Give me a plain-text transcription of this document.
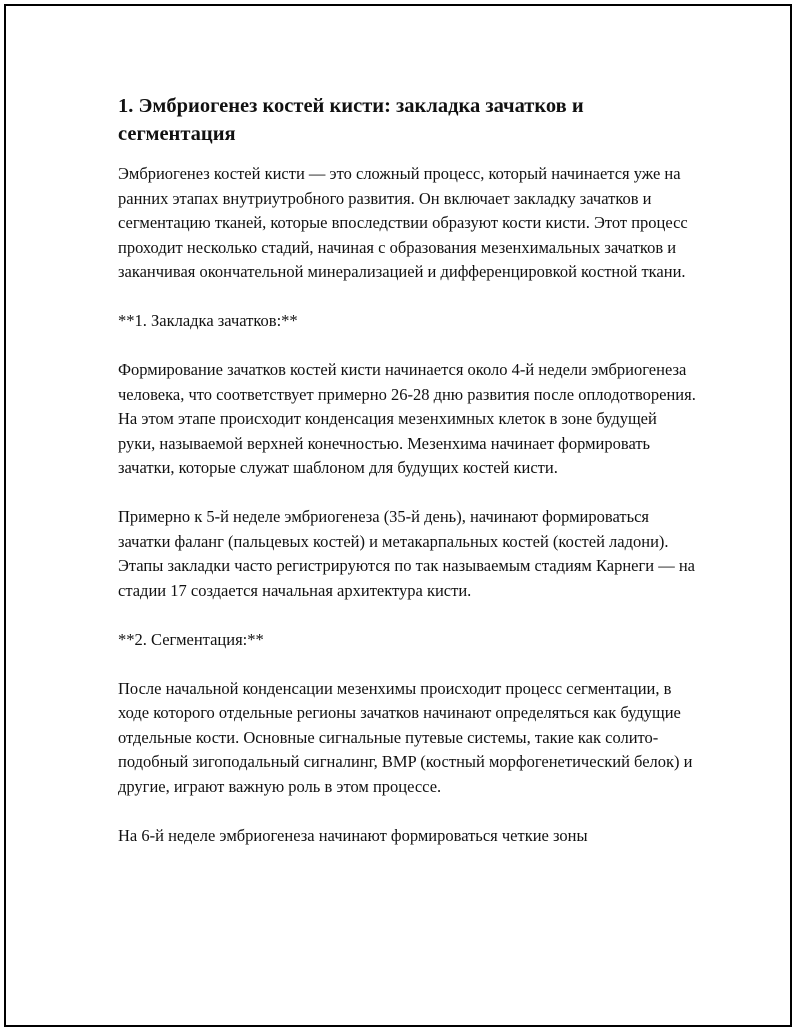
1. Эмбриогенез костей кисти: закладка зачатков и сегментация

Эмбриогенез костей кисти — это сложный процесс, который начинается уже на ранних этапах внутриутробного развития. Он включает закладку зачатков и сегментацию тканей, которые впоследствии образуют кости кисти. Этот процесс проходит несколько стадий, начиная с образования мезенхимальных зачатков и заканчивая окончательной минерализацией и дифференцировкой костной ткани.

**1. Закладка зачатков:**

Формирование зачатков костей кисти начинается около 4-й недели эмбриогенеза человека, что соответствует примерно 26-28 дню развития после оплодотворения. На этом этапе происходит конденсация мезенхимных клеток в зоне будущей руки, называемой верхней конечностью. Мезенхима начинает формировать зачатки, которые служат шаблоном для будущих костей кисти.

Примерно к 5-й неделе эмбриогенеза (35-й день), начинают формироваться зачатки фаланг (пальцевых костей) и метакарпальных костей (костей ладони). Этапы закладки часто регистрируются по так называемым стадиям Карнеги — на стадии 17 создается начальная архитектура кисти.

**2. Сегментация:**

После начальной конденсации мезенхимы происходит процесс сегментации, в ходе которого отдельные регионы зачатков начинают определяться как будущие отдельные кости. Основные сигнальные путевые системы, такие как солито-подобный зигоподальный сигналинг, BMP (костный морфогенетический белок) и другие, играют важную роль в этом процессе.

На 6-й неделе эмбриогенеза начинают формироваться четкие зоны
